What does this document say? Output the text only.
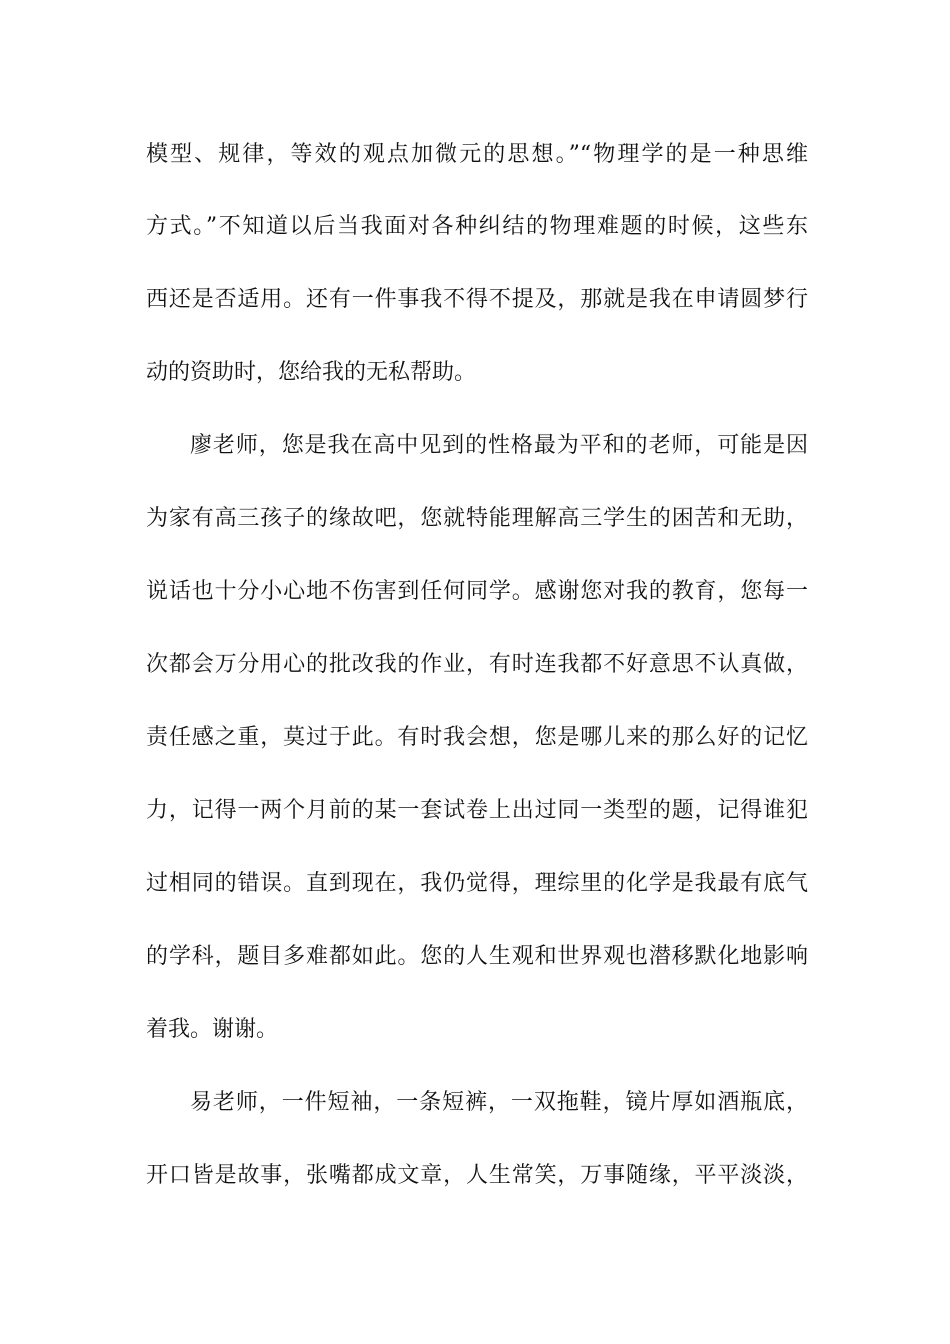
模型、规律，等效的观点加微元的思想。”“物理学的是一种思维
方式。”不知道以后当我面对各种纠结的物理难题的时候，这些东
西还是否适用。还有一件事我不得不提及，那就是我在申请圆梦行
动的资助时，您给我的无私帮助。
廖老师，您是我在高中见到的性格最为平和的老师，可能是因
为家有高三孩子的缘故吧，您就特能理解高三学生的困苦和无助，
说话也十分小心地不伤害到任何同学。感谢您对我的教育，您每一
次都会万分用心的批改我的作业，有时连我都不好意思不认真做，
责任感之重，莫过于此。有时我会想，您是哪儿来的那么好的记忆
力，记得一两个月前的某一套试卷上出过同一类型的题，记得谁犯
过相同的错误。直到现在，我仍觉得，理综里的化学是我最有底气
的学科，题目多难都如此。您的人生观和世界观也潜移默化地影响
着我。谢谢。
易老师，一件短袖，一条短裤，一双拖鞋，镜片厚如酒瓶底，
开口皆是故事，张嘴都成文章，人生常笑，万事随缘，平平淡淡，
